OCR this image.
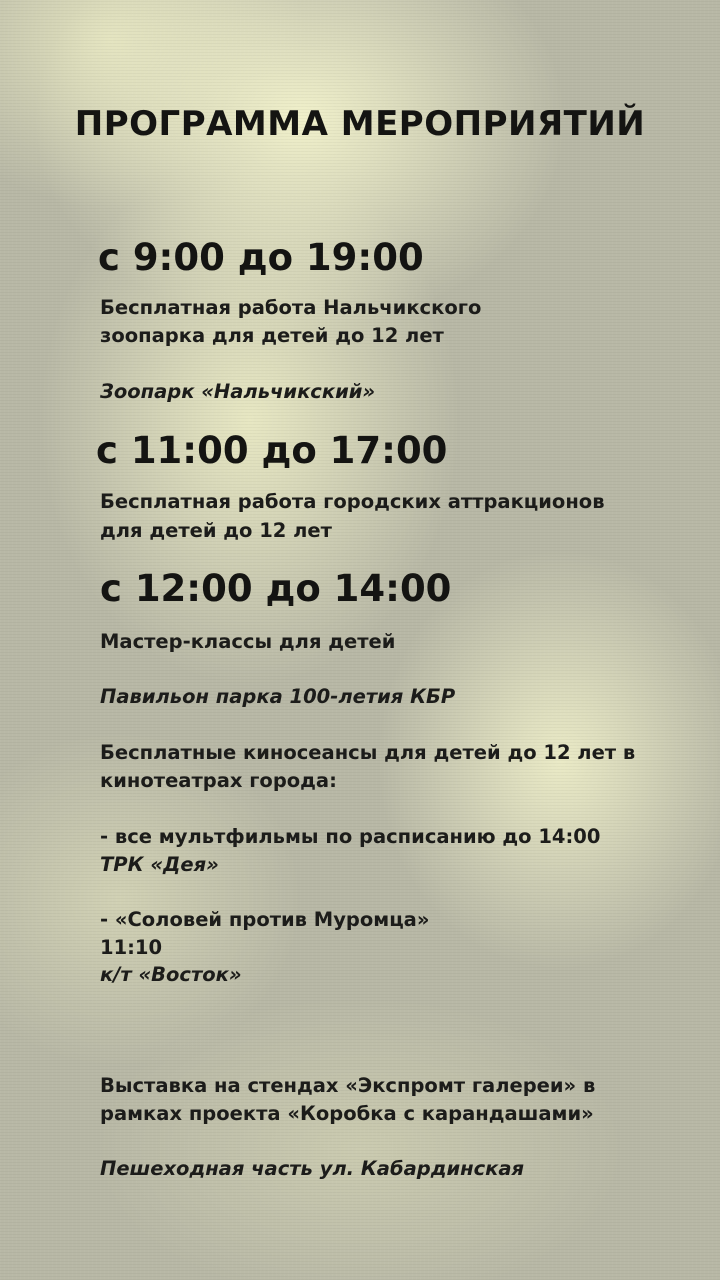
ПРОГРАММА МЕРОПРИЯТИЙ
с 9:00 до 19:00
Бесплатная работа Нальчикского
зоопарка для детей до 12 лет
Зоопарк «Нальчикский»
с 11:00 до 17:00
Бесплатная работа городских аттракционов
для детей до 12 лет
с 12:00 до 14:00
Мастер-классы для детей
Павильон парка 100-летия КБР
Бесплатные киносеансы для детей до 12 лет в
кинотеатрах города:
- все мультфильмы по расписанию до 14:00
ТРК «Дея»
- «Соловей против Муромца»
11:10
к/т «Восток»
Выставка на стендах «Экспромт галереи» в
рамках проекта «Коробка с карандашами»
Пешеходная часть ул. Кабардинская
